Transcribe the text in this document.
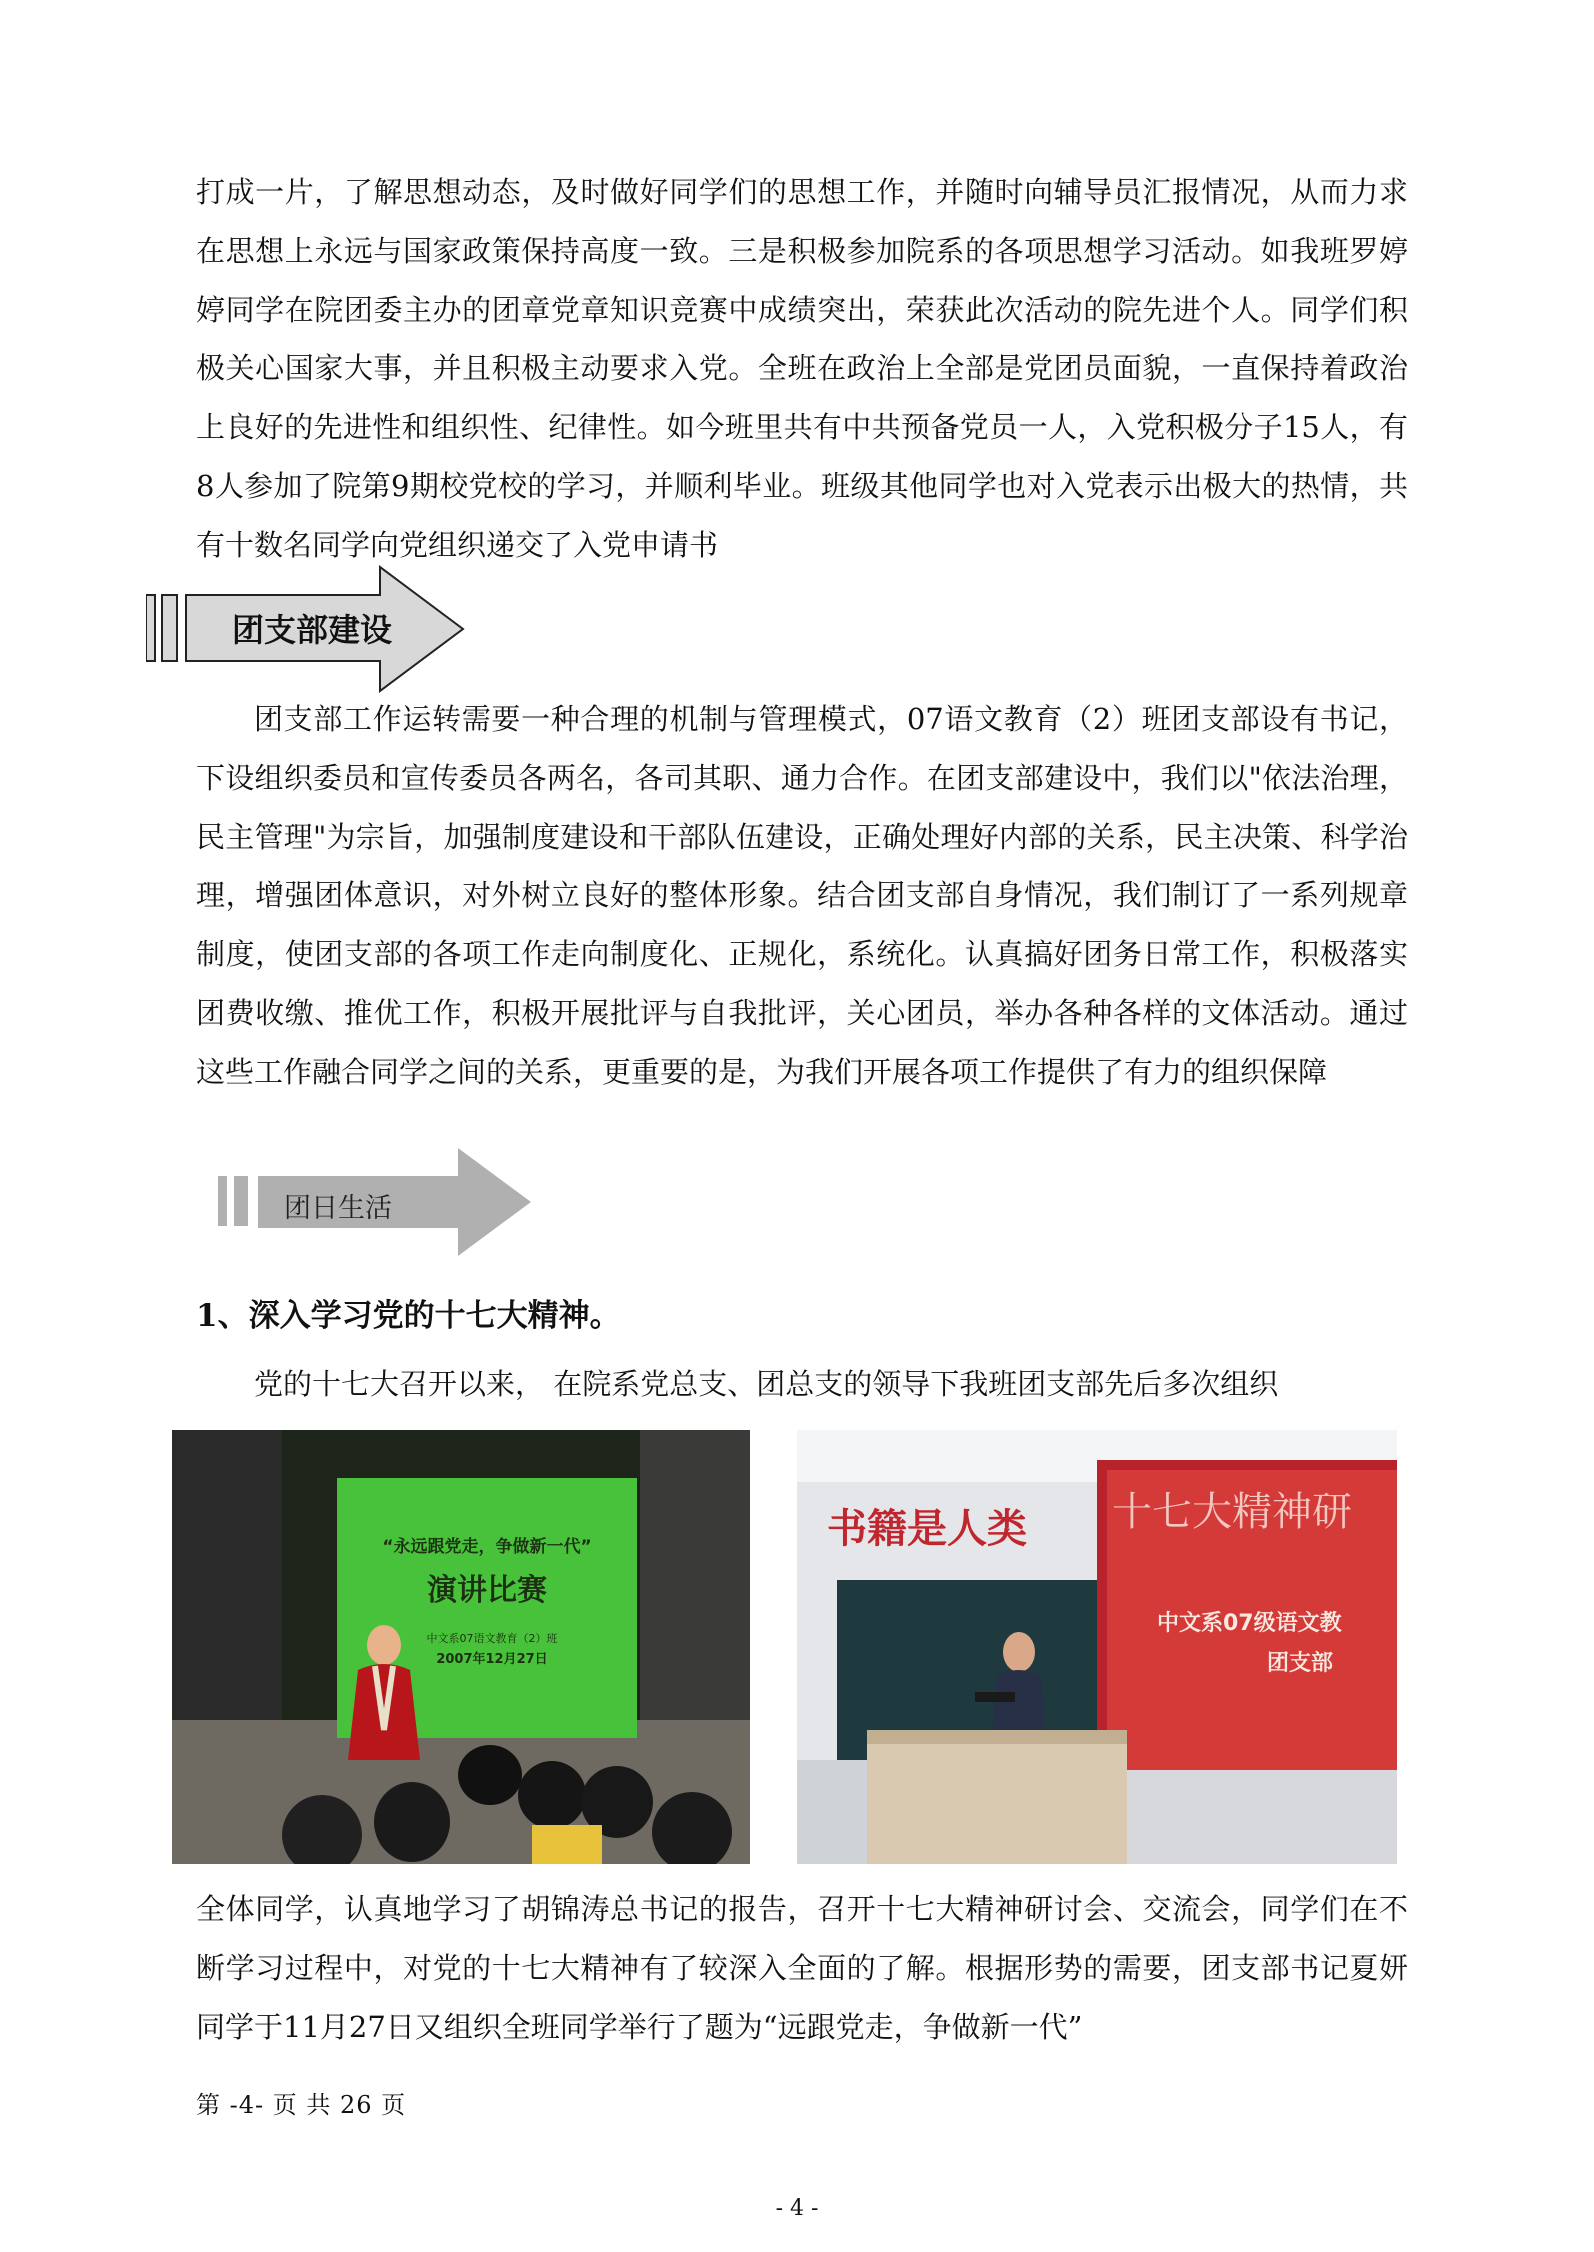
打成一片，了解思想动态，及时做好同学们的思想工作，并随时向辅导员汇报情况，从而力求在思想上永远与国家政策保持高度一致。三是积极参加院系的各项思想学习活动。如我班罗婷婷同学在院团委主办的团章党章知识竞赛中成绩突出，荣获此次活动的院先进个人。同学们积极关心国家大事，并且积极主动要求入党。全班在政治上全部是党团员面貌，一直保持着政治上良好的先进性和组织性、纪律性。如今班里共有中共预备党员一人，入党积极分子15人，有8人参加了院第9期校党校的学习，并顺利毕业。班级其他同学也对入党表示出极大的热情，共有十数名同学向党组织递交了入党申请书

团支部建设

团支部工作运转需要一种合理的机制与管理模式，07语文教育（2）班团支部设有书记，下设组织委员和宣传委员各两名，各司其职、通力合作。在团支部建设中，我们以"依法治理，民主管理"为宗旨，加强制度建设和干部队伍建设，正确处理好内部的关系，民主决策、科学治理，增强团体意识，对外树立良好的整体形象。结合团支部自身情况，我们制订了一系列规章制度，使团支部的各项工作走向制度化、正规化，系统化。认真搞好团务日常工作，积极落实团费收缴、推优工作，积极开展批评与自我批评，关心团员，举办各种各样的文体活动。通过这些工作融合同学之间的关系，更重要的是，为我们开展各项工作提供了有力的组织保障

团日生活
1、深入学习党的十七大精神。

党的十七大召开以来， 在院系党总支、团总支的领导下我班团支部先后多次组织

“永远跟党走，争做新一代”
演讲比赛
中文系07语文教育（2）班
2007年12月27日
书籍是人类 十七大精神研
中文系07级语文教
团支部

全体同学，认真地学习了胡锦涛总书记的报告，召开十七大精神研讨会、交流会，同学们在不断学习过程中，对党的十七大精神有了较深入全面的了解。根据形势的需要，团支部书记夏妍同学于11月27日又组织全班同学举行了题为“远跟党走，争做新一代”

第 -4- 页 共 26 页
- 4 -
